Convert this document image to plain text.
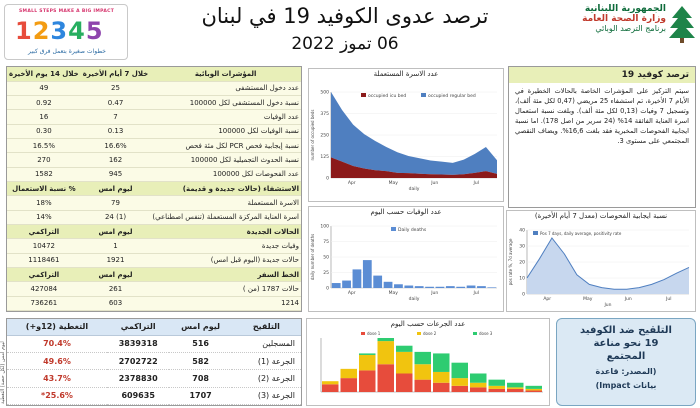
SMALL STEPS MAKE A BIG IMPACT
12345
خطوات صغيرة بتعمل فرق كبير
ترصد عدوى الكوفيد 19 في لبنان
06 تموز 2022
الجمهورية اللبنانية
وزارة الصحة العامة
برنامج الترصد الوبائي
المؤشرات الوبائية	خلال 7 أيام الأخيرة	خلال 14 يوم الأخيرة
عدد دخول المستشفى	25	49
نسبة دخول المستشفى لكل 100000	0.47	0.92
عدد الوفيات	7	16
نسبة الوفيات لكل 100000	0.13	0.30
نسبة إيجابية فحص PCR لكل مئة فحص	16.6%	16.5%
نسبة الحدوث التجميلية لكل 100000	162	270
عدد الفحوصات لكل 100000	945	1582
الاستشفاء (حالات جديدة و قديمة)	ليوم امس	% نسبة الاستعمال
الاسرة المستعملة	79	18%
اسرة العناية المركزة المستعملة (تنفس اصطناعي)	(1) 24	14%
الحالات الجديدة	ليوم امس	التراكمي
وفيات جديدة	1	10472
حالات جديدة (اليوم قبل امس)	1921	1118461
الخط السفر	ليوم امس	التراكمي
حالات 1787 (من )	261	427084
1214	603	736261
عدد الاسرة المستعملة
0
125
250
375
500
Apr	May	Jun	Jul
number of occupied beds
daily
occupied icu bed	occupied regular bed
عدد الوفيات حسب اليوم
0
25
50
75
100
Apr	May	Jun	Jul
daily number of deaths
daily
Daily deaths
ترصد كوفيد 19
سيتم التركيز على المؤشرات الخاصة بالحالات الخطيرة في الأيام 7 الأخيرة، تم استشفاء 25 مريضي (0,47 لكل مئة ألف)، وتسجيل 7 وفيات (0,13 لكل مئة ألف). وبلغت نسبة استعمال اسرة العناية الفائقة 14% (24 سرير من اصل 178). اما نسبة ايجابية الفحوصات المخبرية فقد بلغت 16,6%. ويضاف النقصي المجتمعي على مستوى 3.
نسبة ايجابية الفحوصات (معدل 7 أيام الأخيرة)
0
10
20
30
40
Apr	May	Jun	Jul
pos rate %, 7d average
Jun
Pos 7 days, daily average, positivity rate
ليوم امس (لكل حصة) التغطية
التلقيح	ليوم امس	التراكمي	التغطية (12و+)
المسجلين	516	3839318	70.4%
الجرعة (1)	582	2702722	49.6%
الجرعة (2)	708	2378830	43.7%
الجرعة (3)	1707	609635	25.6%*
عدد الجرعات حسب اليوم
dose 1	dose 2	dose 3	التلقيح ضد الكوفيد
19 نحو مناعة
المجتمع
(المصدر: قاعدة
بيانات Impact)
